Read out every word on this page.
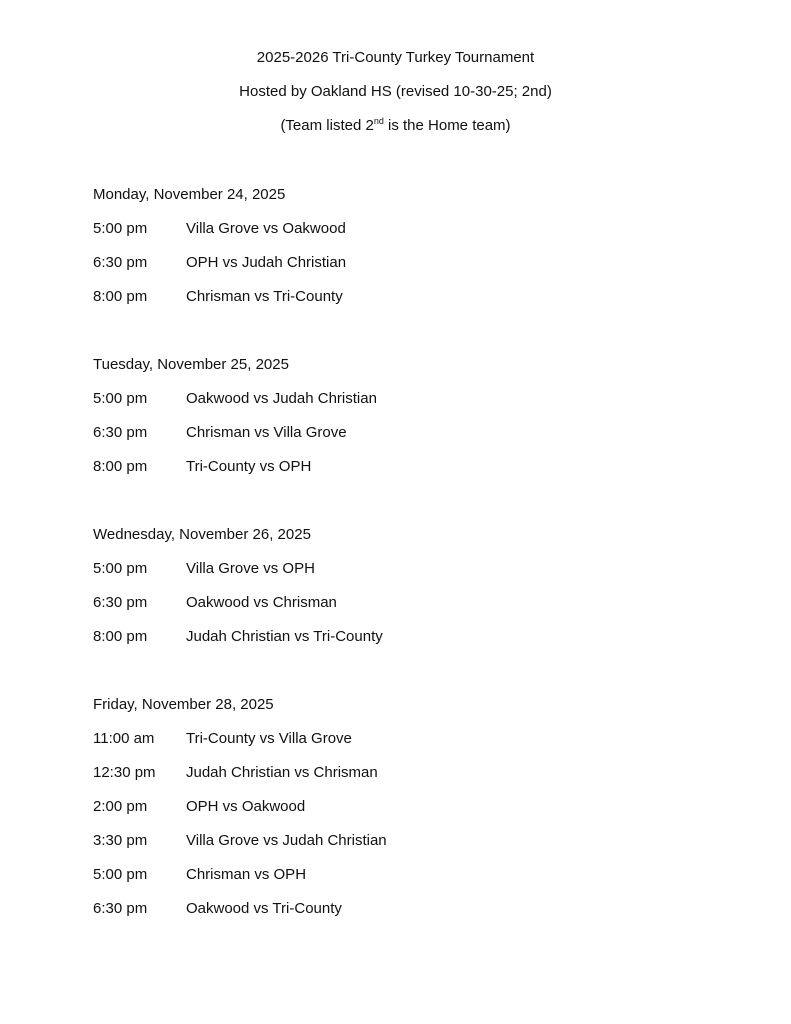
2025-2026 Tri-County Turkey Tournament
Hosted by Oakland HS (revised 10-30-25; 2nd)
(Team listed 2nd is the Home team)
Monday, November 24, 2025
5:00 pm	Villa Grove vs Oakwood
6:30 pm	OPH vs Judah Christian
8:00 pm	Chrisman vs Tri-County
Tuesday, November 25, 2025
5:00 pm	Oakwood vs Judah Christian
6:30 pm	Chrisman vs Villa Grove
8:00 pm	Tri-County vs OPH
Wednesday, November 26, 2025
5:00 pm	Villa Grove vs OPH
6:30 pm	Oakwood vs Chrisman
8:00 pm	Judah Christian vs Tri-County
Friday, November 28, 2025
11:00 am	Tri-County vs Villa Grove
12:30 pm	Judah Christian vs Chrisman
2:00 pm	OPH vs Oakwood
3:30 pm	Villa Grove vs Judah Christian
5:00 pm	Chrisman vs OPH
6:30 pm	Oakwood vs Tri-County
